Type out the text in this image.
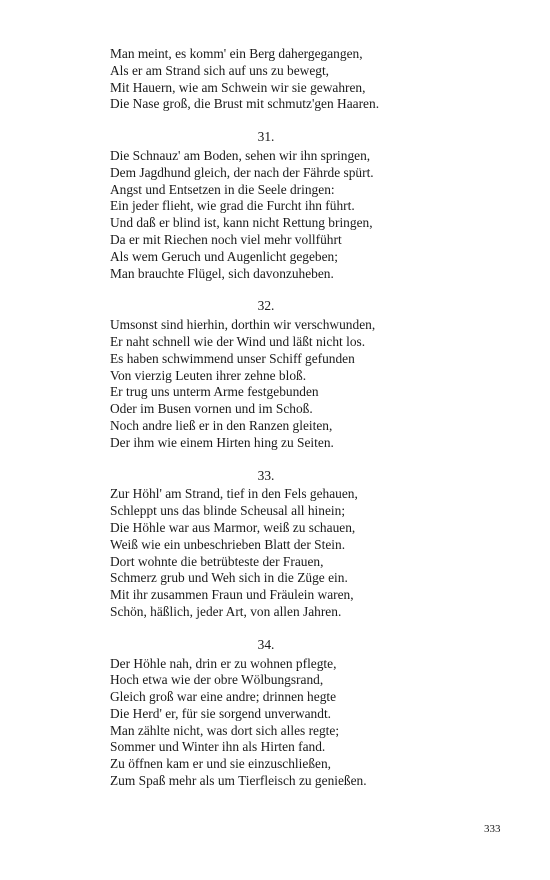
Man meint, es komm' ein Berg dahergegangen,
Als er am Strand sich auf uns zu bewegt,
Mit Hauern, wie am Schwein wir sie gewahren,
Die Nase groß, die Brust mit schmutz'gen Haaren.
31.
Die Schnauz' am Boden, sehen wir ihn springen,
Dem Jagdhund gleich, der nach der Fährde spürt.
Angst und Entsetzen in die Seele dringen:
Ein jeder flieht, wie grad die Furcht ihn führt.
Und daß er blind ist, kann nicht Rettung bringen,
Da er mit Riechen noch viel mehr vollführt
Als wem Geruch und Augenlicht gegeben;
Man brauchte Flügel, sich davonzuheben.
32.
Umsonst sind hierhin, dorthin wir verschwunden,
Er naht schnell wie der Wind und läßt nicht los.
Es haben schwimmend unser Schiff gefunden
Von vierzig Leuten ihrer zehne bloß.
Er trug uns unterm Arme festgebunden
Oder im Busen vornen und im Schoß.
Noch andre ließ er in den Ranzen gleiten,
Der ihm wie einem Hirten hing zu Seiten.
33.
Zur Höhl' am Strand, tief in den Fels gehauen,
Schleppt uns das blinde Scheusal all hinein;
Die Höhle war aus Marmor, weiß zu schauen,
Weiß wie ein unbeschrieben Blatt der Stein.
Dort wohnte die betrübteste der Frauen,
Schmerz grub und Weh sich in die Züge ein.
Mit ihr zusammen Fraun und Fräulein waren,
Schön, häßlich, jeder Art, von allen Jahren.
34.
Der Höhle nah, drin er zu wohnen pflegte,
Hoch etwa wie der obre Wölbungsrand,
Gleich groß war eine andre; drinnen hegte
Die Herd' er, für sie sorgend unverwandt.
Man zählte nicht, was dort sich alles regte;
Sommer und Winter ihn als Hirten fand.
Zu öffnen kam er und sie einzuschließen,
Zum Spaß mehr als um Tierfleisch zu genießen.
333
